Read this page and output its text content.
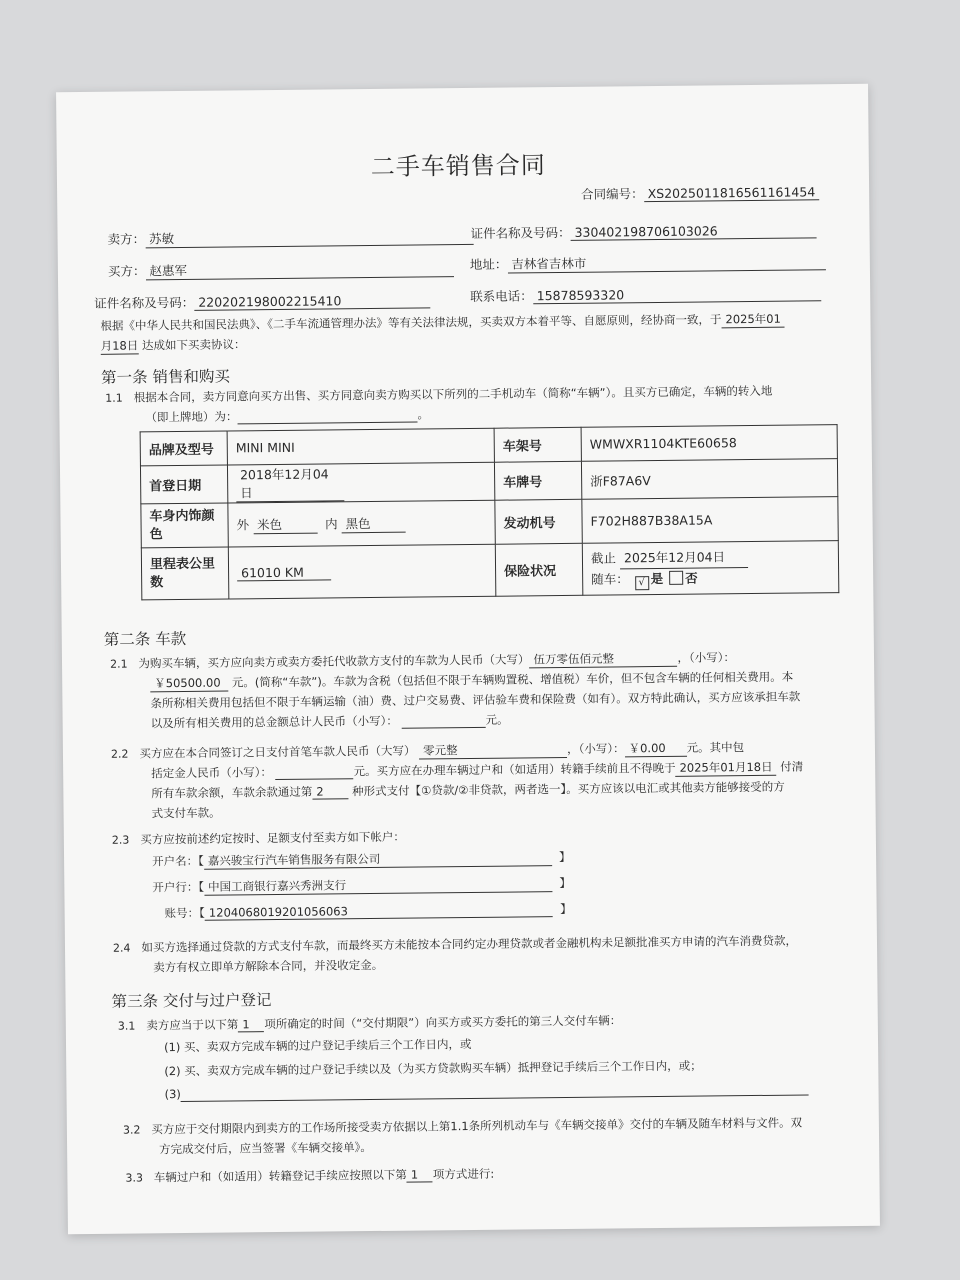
二手车销售合同
合同编号： XS2025011816561161454
卖方： 苏敏	证件名称及号码： 330402198706103026
买方： 赵惠军	地址： 吉林省吉林市
证件名称及号码： 220202198002215410	联系电话： 15878593320
根据《中华人民共和国民法典》、《二手车流通管理办法》等有关法律法规，买卖双方本着平等、自愿原则，经协商一致，于 2025年01
月18日 达成如下买卖协议：
第一条 销售和购买
1.1 根据本合同，卖方同意向买方出售、买方同意向卖方购买以下所列的二手机动车（简称“车辆”）。且买方已确定，车辆的转入地
（即上牌地）为：	。
品牌及型号	MINI MINI	车架号	WMWXR1104KTE60658
首登日期	2018年12月04日	车牌号	浙F87A6V
车身内饰颜色	外 米色 内 黑色	发动机号	F702H887B38A15A
里程表公里数	61010 KM	保险状况	截止 2025年12月04日
随车： √ 是 否
第二条 车款
2.1 为购买车辆，买方应向卖方或卖方委托代收款方支付的车款为人民币（大写） 伍万零伍佰元整	，（小写）：
￥50500.00 元。(简称“车款”)。车款为含税（包括但不限于车辆购置税、增值税）车价，但不包含车辆的任何相关费用。本
条所称相关费用包括但不限于车辆运输（油）费、过户交易费、评估验车费和保险费（如有）。双方特此确认，买方应该承担车款
以及所有相关费用的总金额总计人民币（小写）：	元。
2.2 买方应在本合同签订之日支付首笔车款人民币（大写） 零元整	，（小写）： ￥0.00 元。其中包
括定金人民币（小写）：	元。买方应在办理车辆过户和（如适用）转籍手续前且不得晚于 2025年01月18日 付清
所有车款余额，车款余款通过第 2 种形式支付【①贷款/②非贷款，两者选一】。买方应该以电汇或其他卖方能够接受的方
式支付车款。
2.3 买方应按前述约定按时、足额支付至卖方如下帐户：
开户名：【 嘉兴骏宝行汽车销售服务有限公司	】
开户行：【 中国工商银行嘉兴秀洲支行	】
账号：【 1204068019201056063	】
2.4 如买方选择通过贷款的方式支付车款，而最终买方未能按本合同约定办理贷款或者金融机构未足额批准买方申请的汽车消费贷款，
卖方有权立即单方解除本合同，并没收定金。
第三条 交付与过户登记
3.1 卖方应当于以下第 1 项所确定的时间（“交付期限”）向买方或买方委托的第三人交付车辆：
(1) 买、卖双方完成车辆的过户登记手续后三个工作日内，或
(2) 买、卖双方完成车辆的过户登记手续以及（为买方贷款购买车辆）抵押登记手续后三个工作日内，或；
(3)
3.2 买方应于交付期限内到卖方的工作场所接受卖方依据以上第1.1条所列机动车与《车辆交接单》交付的车辆及随车材料与文件。双
方完成交付后，应当签署《车辆交接单》。
3.3 车辆过户和（如适用）转籍登记手续应按照以下第 1 项方式进行:
